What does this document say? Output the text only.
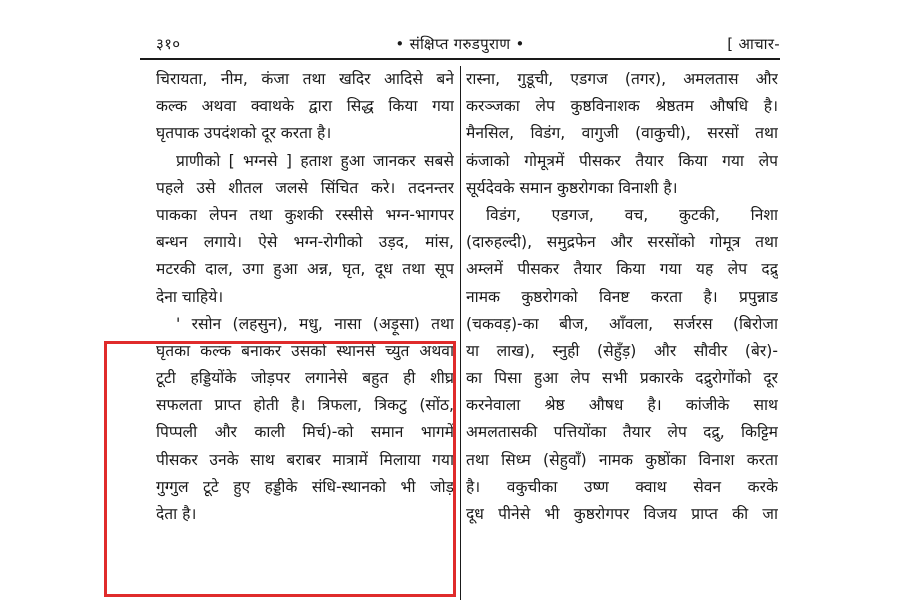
३१०	• संक्षिप्त गरुडपुराण •	[ आचार-
चिरायता, नीम, कंजा तथा खदिर आदिसे बने
कल्क अथवा क्वाथके द्वारा सिद्ध किया गया
घृतपाक उपदंशको दूर करता है।
प्राणीको [ भग्नसे ] हताश हुआ जानकर सबसे
पहले उसे शीतल जलसे सिंचित करे। तदनन्तर
पाकका लेपन तथा कुशकी रस्सीसे भग्न-भागपर
बन्धन लगाये। ऐसे भग्न-रोगीको उड़द, मांस,
मटरकी दाल, उगा हुआ अन्न, घृत, दूध तथा सूप
देना चाहिये।
' रसोन (लहसुन), मधु, नासा (अड़ूसा) तथा
घृतका कल्क बनाकर उसको स्थानसे च्युत अथवा
टूटी हड्डियोंके जोड़पर लगानेसे बहुत ही शीघ्र
सफलता प्राप्त होती है। त्रिफला, त्रिकटु (सोंठ,
पिप्पली और काली मिर्च)-को समान भागमें
पीसकर उनके साथ बराबर मात्रामें मिलाया गया
गुग्गुल टूटे हुए हड्डीके संधि-स्थानको भी जोड़
देता है।
रास्ना, गुडूची, एडगज (तगर), अमलतास और
करञ्जका लेप कुष्ठविनाशक श्रेष्ठतम औषधि है।
मैनसिल, विडंग, वागुजी (वाकुची), सरसों तथा
कंजाको गोमूत्रमें पीसकर तैयार किया गया लेप
सूर्यदेवके समान कुष्ठरोगका विनाशी है।
विडंग, एडगज, वच, कुटकी, निशा
(दारुहल्दी), समुद्रफेन और सरसोंको गोमूत्र तथा
अम्लमें पीसकर तैयार किया गया यह लेप दद्रु
नामक कुष्ठरोगको विनष्ट करता है। प्रपुन्नाड
(चकवड़)-का बीज, आँवला, सर्जरस (बिरोजा
या लाख), स्नुही (सेहुँड़) और सौवीर (बेर)-
का पिसा हुआ लेप सभी प्रकारके दद्रुरोगोंको दूर
करनेवाला श्रेष्ठ औषध है। कांजीके साथ
अमलतासकी पत्तियोंका तैयार लेप दद्रु, किट्टिम
तथा सिध्म (सेहुवाँ) नामक कुष्ठोंका विनाश करता
है। वकुचीका उष्ण क्वाथ सेवन करके
दूध पीनेसे भी कुष्ठरोगपर विजय प्राप्त की जा
